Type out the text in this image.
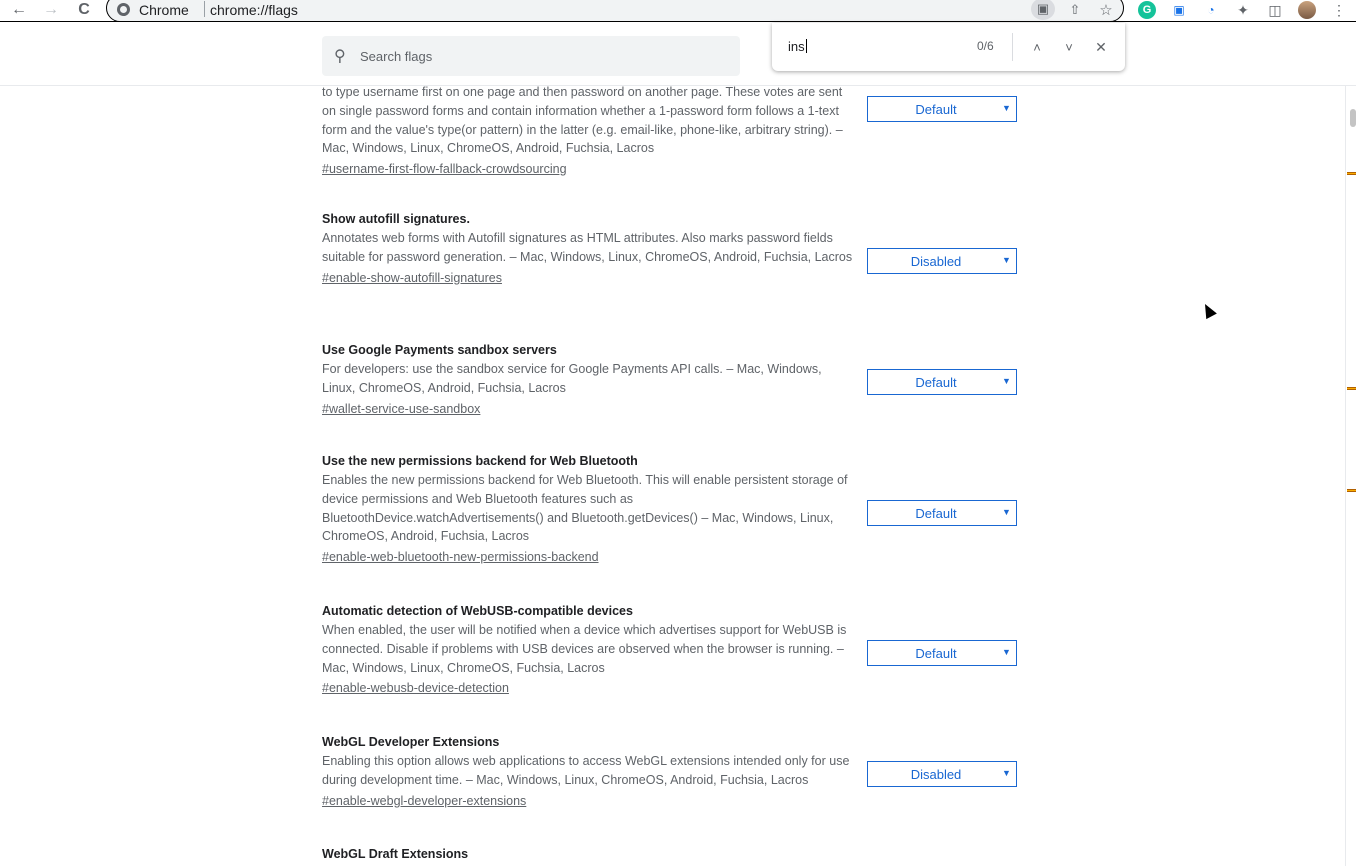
← → C	Chrome chrome://flags	▣	⇧	☆	G	▣	◔	✦ ◫	⋮
⚲
Search flags
ins	0/6	˄ ˅ ✕
to type username first on one page and then password on another page. These votes are sent on single password forms and contain information whether a 1-password form follows a 1-text form and the value's type(or pattern) in the latter (e.g. email-like, phone-like, arbitrary string). – Mac, Windows, Linux, ChromeOS, Android, Fuchsia, Lacros
#username-first-flow-fallback-crowdsourcing
Default
▼
Show autofill signatures.
Annotates web forms with Autofill signatures as HTML attributes. Also marks password fields suitable for password generation. – Mac, Windows, Linux, ChromeOS, Android, Fuchsia, Lacros
#enable-show-autofill-signatures
Disabled
▼
Use Google Payments sandbox servers
For developers: use the sandbox service for Google Payments API calls. – Mac, Windows, Linux, ChromeOS, Android, Fuchsia, Lacros
#wallet-service-use-sandbox
Default
▼
Use the new permissions backend for Web Bluetooth
Enables the new permissions backend for Web Bluetooth. This will enable persistent storage of device permissions and Web Bluetooth features such as BluetoothDevice.watchAdvertisements() and Bluetooth.getDevices() – Mac, Windows, Linux, ChromeOS, Android, Fuchsia, Lacros
#enable-web-bluetooth-new-permissions-backend
Default
▼
Automatic detection of WebUSB-compatible devices
When enabled, the user will be notified when a device which advertises support for WebUSB is connected. Disable if problems with USB devices are observed when the browser is running. – Mac, Windows, Linux, ChromeOS, Fuchsia, Lacros
#enable-webusb-device-detection
Default
▼
WebGL Developer Extensions
Enabling this option allows web applications to access WebGL extensions intended only for use during development time. – Mac, Windows, Linux, ChromeOS, Android, Fuchsia, Lacros
#enable-webgl-developer-extensions
Disabled
▼
WebGL Draft Extensions
